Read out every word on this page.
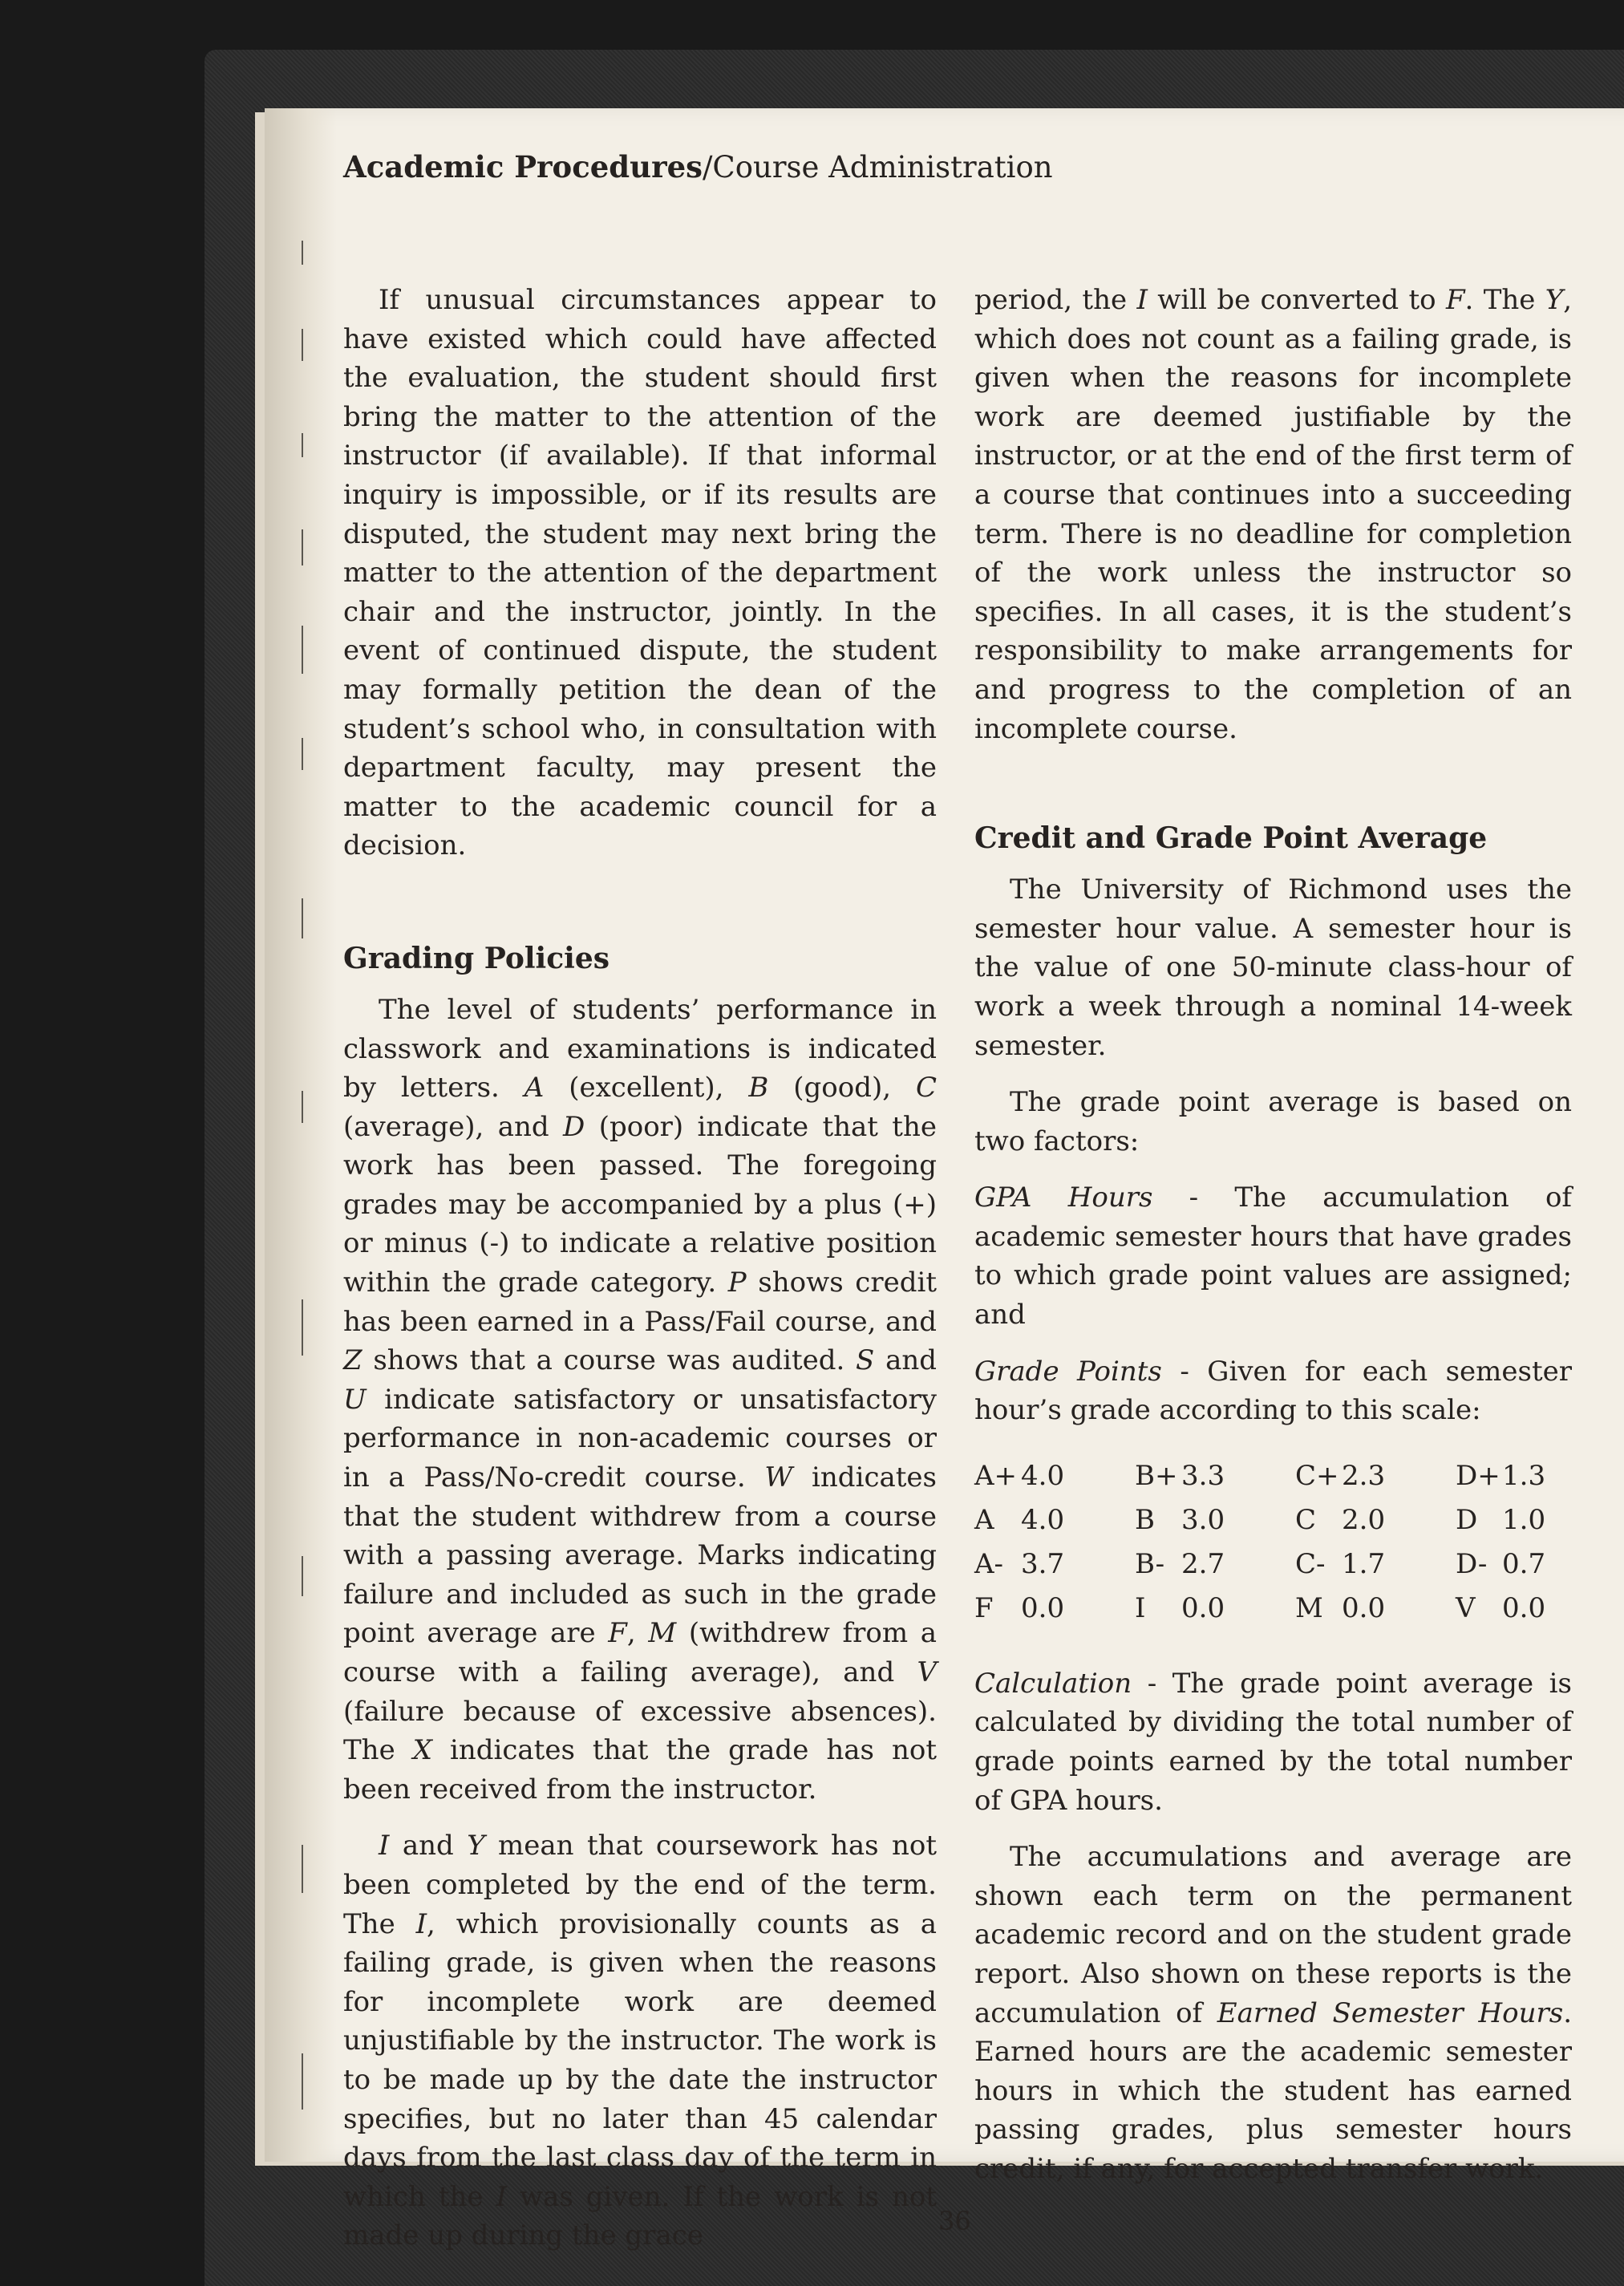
Academic Procedures/Course Administration

If unusual circumstances appear to have existed which could have affected the evaluation, the student should first bring the matter to the attention of the instructor (if available). If that informal inquiry is impossible, or if its results are disputed, the student may next bring the matter to the attention of the department chair and the instructor, jointly. In the event of continued dispute, the student may formally petition the dean of the student’s school who, in consultation with department faculty, may present the matter to the academic council for a decision.

Grading Policies

The level of students’ performance in classwork and examinations is indicated by letters. A (excellent), B (good), C (average), and D (poor) indicate that the work has been passed. The foregoing grades may be accompanied by a plus (+) or minus (-) to indicate a relative position within the grade category. P shows credit has been earned in a Pass/Fail course, and Z shows that a course was audited. S and U indicate satisfactory or unsatisfactory performance in non-academic courses or in a Pass/No-credit course. W indicates that the student withdrew from a course with a passing average. Marks indicating failure and included as such in the grade point average are F, M (withdrew from a course with a failing average), and V (failure because of excessive absences). The X indicates that the grade has not been received from the instructor.

I and Y mean that coursework has not been completed by the end of the term. The I, which provisionally counts as a failing grade, is given when the reasons for incomplete work are deemed unjustifiable by the instructor. The work is to be made up by the date the instructor specifies, but no later than 45 calendar days from the last class day of the term in which the I was given. If the work is not made up during the grace

period, the I will be converted to F. The Y, which does not count as a failing grade, is given when the reasons for incomplete work are deemed justifiable by the instructor, or at the end of the first term of a course that continues into a succeeding term. There is no deadline for completion of the work unless the instructor so specifies. In all cases, it is the student’s responsibility to make arrangements for and progress to the completion of an incomplete course.

Credit and Grade Point Average

The University of Richmond uses the semester hour value. A semester hour is the value of one 50-minute class-hour of work a week through a nominal 14-week semester.

The grade point average is based on two factors:

GPA Hours - The accumulation of academic semester hours that have grades to which grade point values are assigned; and

Grade Points - Given for each semester hour’s grade according to this scale:

A+	4.0	B+	3.3	C+	2.3	D+	1.3
A	4.0	B	3.0	C	2.0	D	1.0
A-	3.7	B-	2.7	C-	1.7	D-	0.7
F	0.0	I	0.0	M	0.0	V	0.0

Calculation - The grade point average is calculated by dividing the total number of grade points earned by the total number of GPA hours.

The accumulations and average are shown each term on the permanent academic record and on the student grade report. Also shown on these reports is the accumulation of Earned Semester Hours. Earned hours are the academic semester hours in which the student has earned passing grades, plus semester hours credit, if any, for accepted transfer work.

36
